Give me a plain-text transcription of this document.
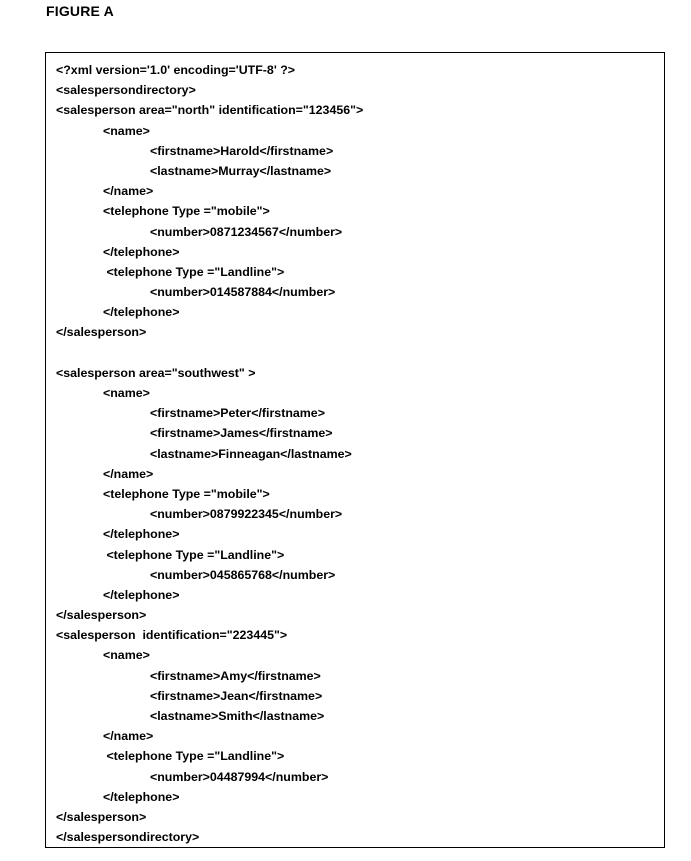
FIGURE A
<?xml version='1.0' encoding='UTF-8' ?>
<salespersondirectory>
<salesperson area="north" identification="123456">
<name>
<firstname>Harold</firstname>
<lastname>Murray</lastname>
</name>
<telephone Type ="mobile">
<number>0871234567</number>
</telephone>
<telephone Type ="Landline">
<number>014587884</number>
</telephone>
</salesperson>
<salesperson area="southwest" >
<name>
<firstname>Peter</firstname>
<firstname>James</firstname>
<lastname>Finneagan</lastname>
</name>
<telephone Type ="mobile">
<number>0879922345</number>
</telephone>
<telephone Type ="Landline">
<number>045865768</number>
</telephone>
</salesperson>
<salesperson  identification="223445">
<name>
<firstname>Amy</firstname>
<firstname>Jean</firstname>
<lastname>Smith</lastname>
</name>
<telephone Type ="Landline">
<number>04487994</number>
</telephone>
</salesperson>
</salespersondirectory>
